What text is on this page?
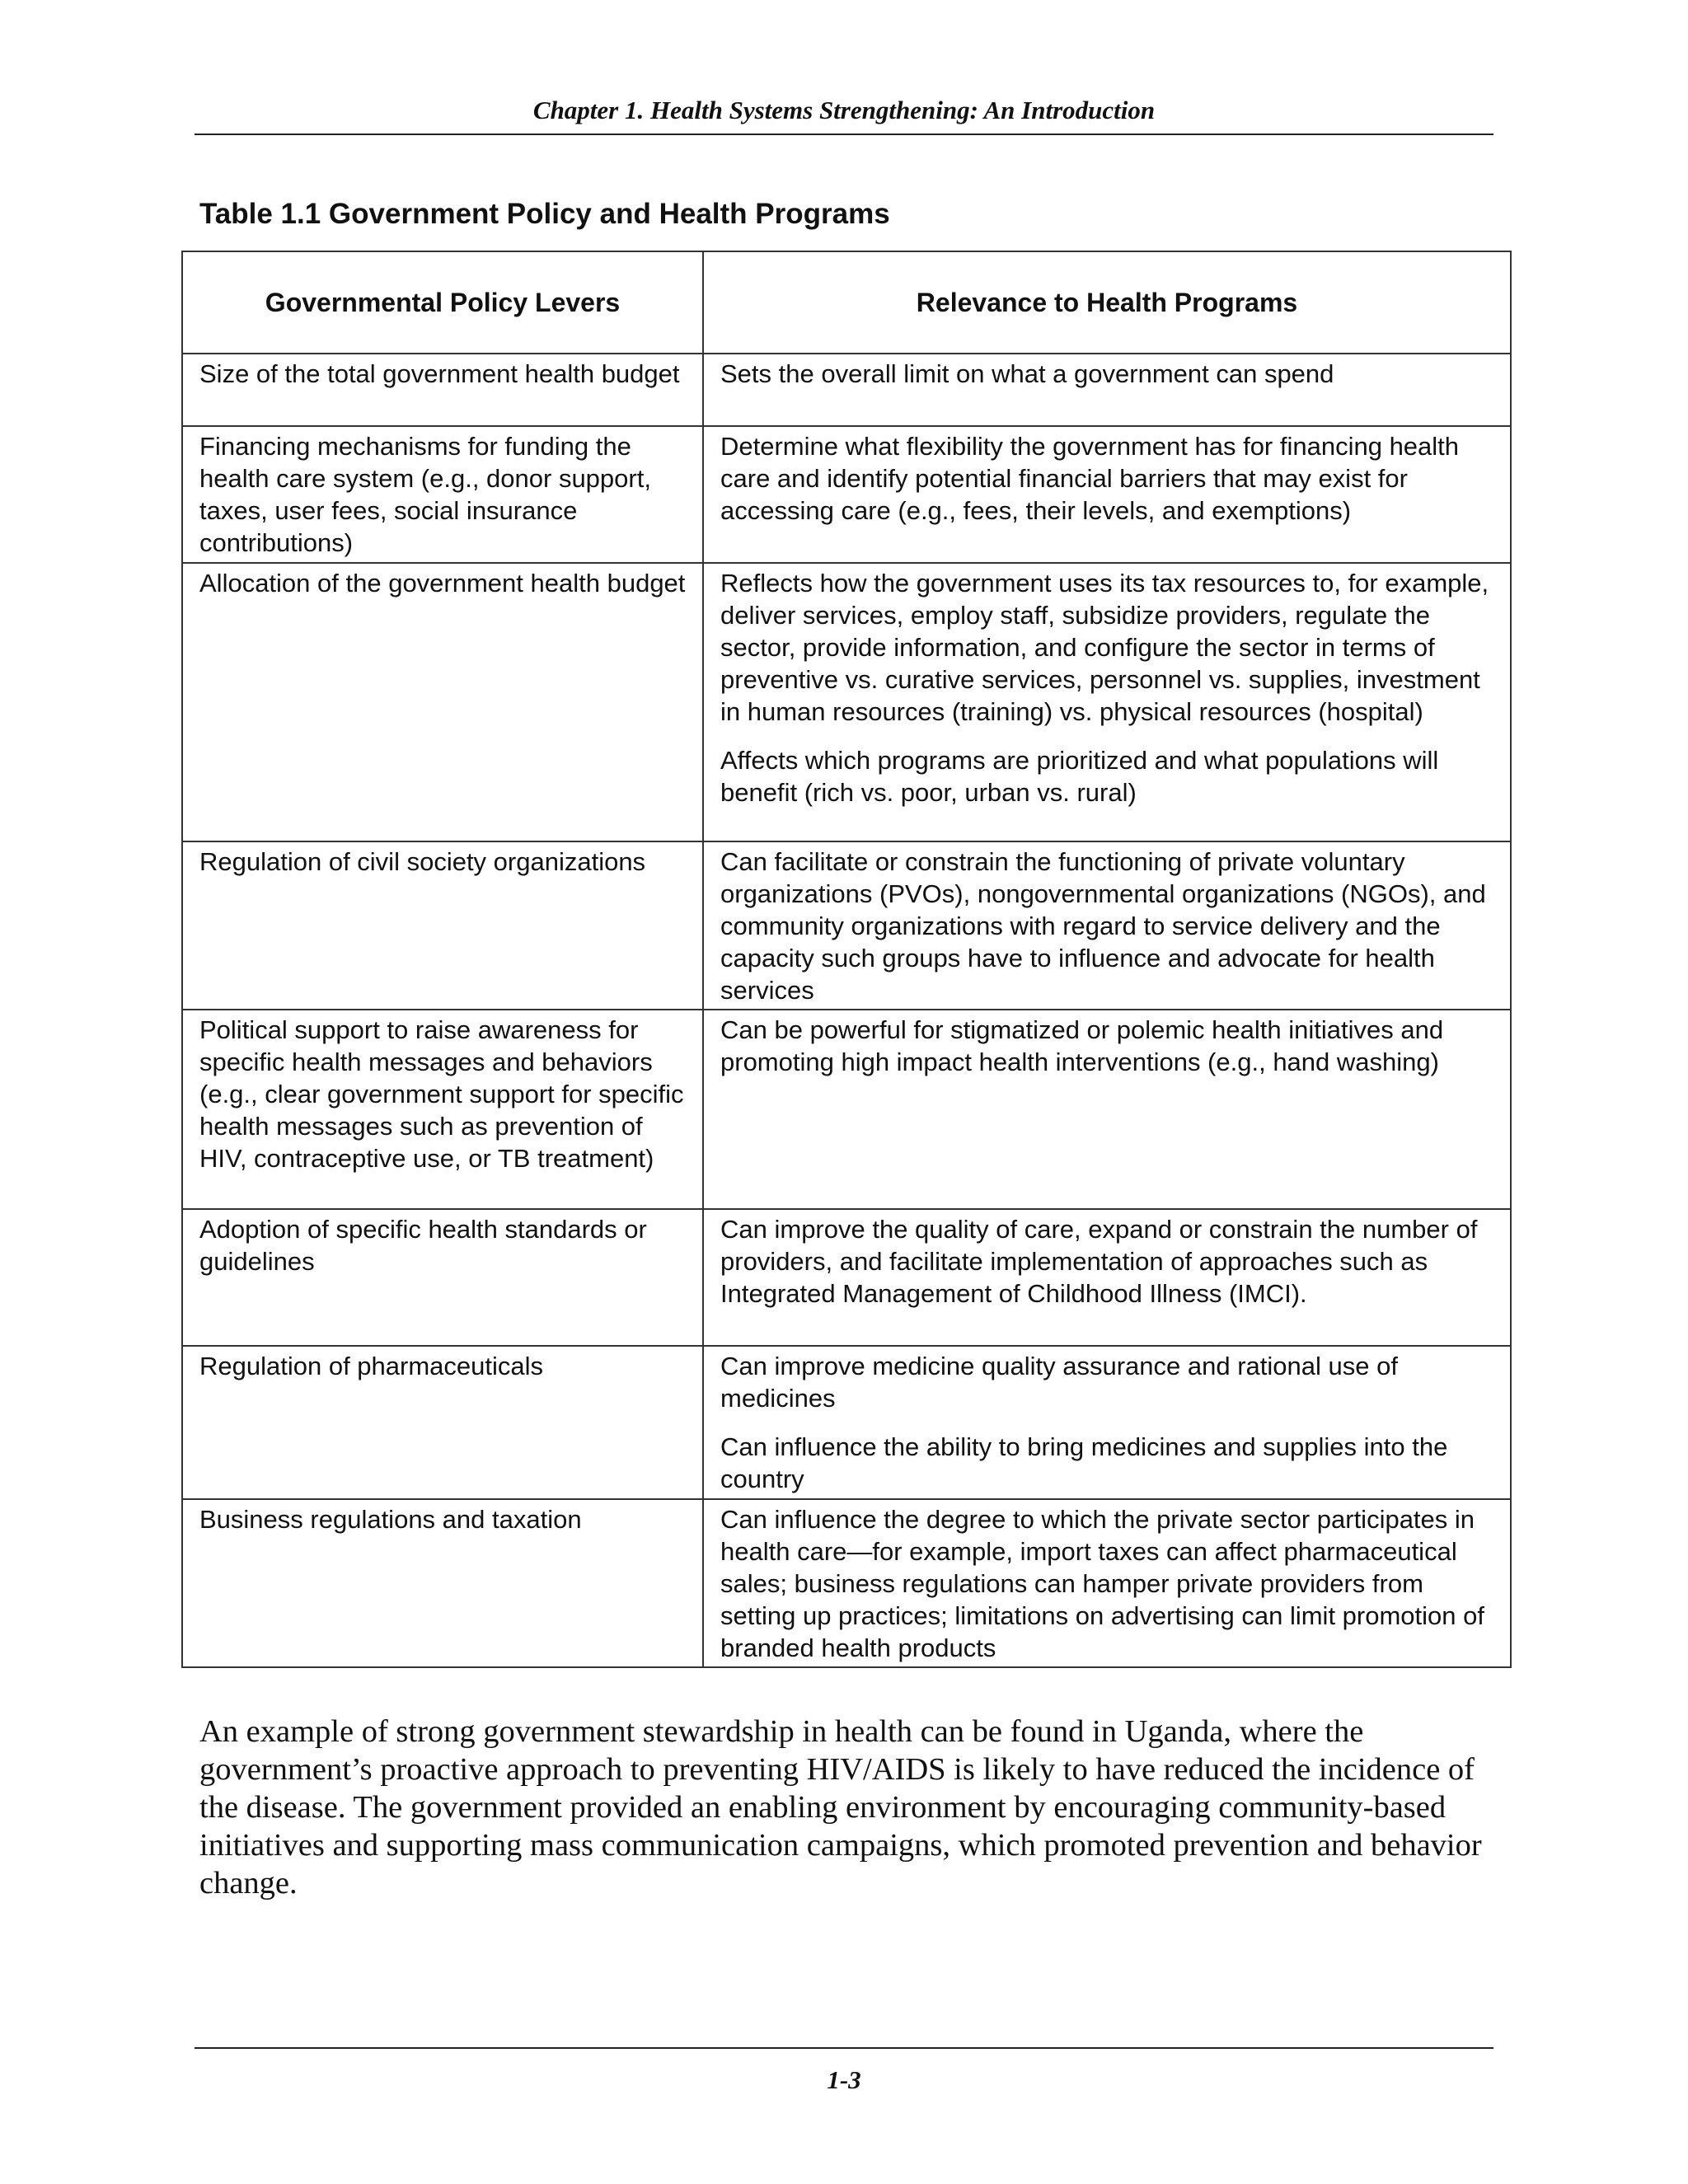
Chapter 1. Health Systems Strengthening: An Introduction
Table 1.1 Government Policy and Health Programs
Governmental Policy Levers	Relevance to Health Programs
Size of the total government health budget	Sets the overall limit on what a government can spend

Financing mechanisms for funding the health care system (e.g., donor support, taxes, user fees, social insurance contributions)	Determine what flexibility the government has for financing health care and identify potential financial barriers that may exist for accessing care (e.g., fees, their levels, and exemptions)

Allocation of the government health budget	Reflects how the government uses its tax resources to, for example, deliver services, employ staff, subsidize providers, regulate the sector, provide information, and configure the sector in terms of preventive vs. curative services, personnel vs. supplies, investment in human resources (training) vs. physical resources (hospital)

Affects which programs are prioritized and what populations will benefit (rich vs. poor, urban vs. rural)

Regulation of civil society organizations	Can facilitate or constrain the functioning of private voluntary organizations (PVOs), nongovernmental organizations (NGOs), and community organizations with regard to service delivery and the capacity such groups have to influence and advocate for health services

Political support to raise awareness for specific health messages and behaviors (e.g., clear government support for specific health messages such as prevention of HIV, contraceptive use, or TB treatment)	Can be powerful for stigmatized or polemic health initiatives and promoting high impact health interventions (e.g., hand washing)

Adoption of specific health standards or guidelines	Can improve the quality of care, expand or constrain the number of providers, and facilitate implementation of approaches such as Integrated Management of Childhood Illness (IMCI).

Regulation of pharmaceuticals	Can improve medicine quality assurance and rational use of medicines

Can influence the ability to bring medicines and supplies into the country

Business regulations and taxation	Can influence the degree to which the private sector participates in health care—for example, import taxes can affect pharmaceutical sales; business regulations can hamper private providers from setting up practices; limitations on advertising can limit promotion of branded health products

An example of strong government stewardship in health can be found in Uganda, where the government’s proactive approach to preventing HIV/AIDS is likely to have reduced the incidence of the disease. The government provided an enabling environment by encouraging community-based initiatives and supporting mass communication campaigns, which promoted prevention and behavior change.

1-3
